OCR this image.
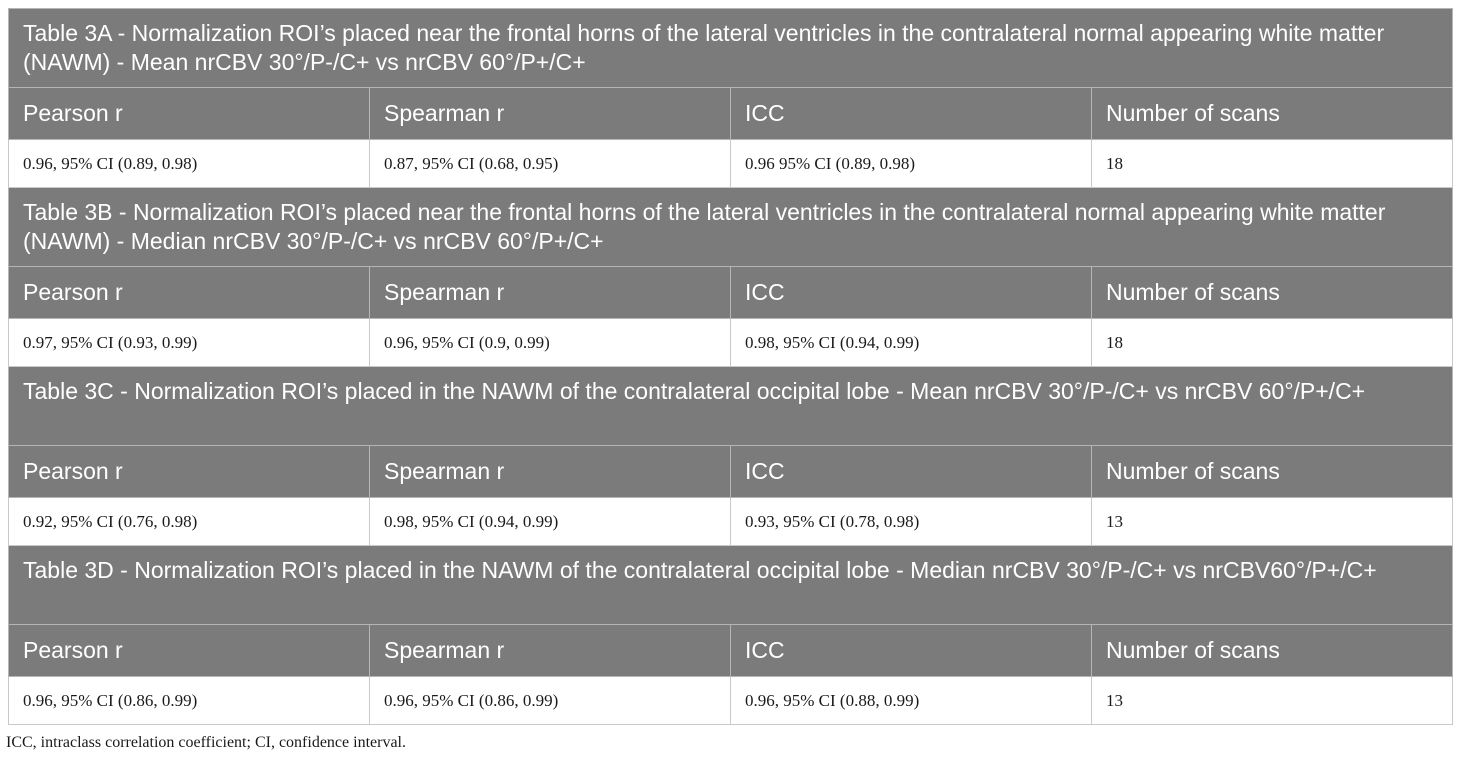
Table 3A - Normalization ROI’s placed near the frontal horns of the lateral ventricles in the contralateral normal appearing white matter (NAWM) - Mean nrCBV 30°/P-/C+ vs nrCBV 60°/P+/C+			
Pearson r	Spearman r	ICC	Number of scans
0.96, 95% CI (0.89, 0.98)	0.87, 95% CI (0.68, 0.95)	0.96 95% CI (0.89, 0.98)	18
Table 3B - Normalization ROI’s placed near the frontal horns of the lateral ventricles in the contralateral normal appearing white matter (NAWM) - Median nrCBV 30°/P-/C+ vs nrCBV 60°/P+/C+			
Pearson r	Spearman r	ICC	Number of scans
0.97, 95% CI (0.93, 0.99)	0.96, 95% CI (0.9, 0.99)	0.98, 95% CI (0.94, 0.99)	18
Table 3C - Normalization ROI’s placed in the NAWM of the contralateral occipital lobe - Mean nrCBV 30°/P-/C+ vs nrCBV 60°/P+/C+			
Pearson r	Spearman r	ICC	Number of scans
0.92, 95% CI (0.76, 0.98)	0.98, 95% CI (0.94, 0.99)	0.93, 95% CI (0.78, 0.98)	13
Table 3D - Normalization ROI’s placed in the NAWM of the contralateral occipital lobe - Median nrCBV 30°/P-/C+ vs nrCBV60°/P+/C+			
Pearson r	Spearman r	ICC	Number of scans
0.96, 95% CI (0.86, 0.99)	0.96, 95% CI (0.86, 0.99)	0.96, 95% CI (0.88, 0.99)	13
ICC, intraclass correlation coefficient; CI, confidence interval.
